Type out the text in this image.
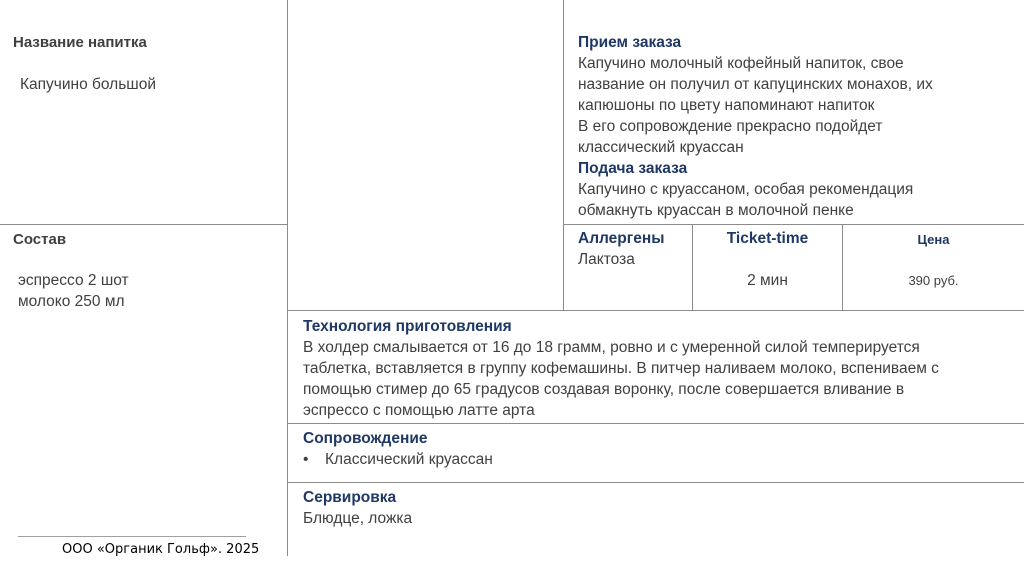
Название напитка
Капучино большой
Состав
эспрессо 2 шот
молоко 250 мл
Прием заказа
Капучино молочный кофейный напиток, свое
название он получил от капуцинских монахов, их
капюшоны по цвету напоминают напиток
В его сопровождение прекрасно подойдет
классический круассан
Подача заказа
Капучино с круассаном, особая рекомендация
обмакнуть круассан в молочной пенке
Аллергены
Лактоза
Ticket-time
2 мин
Цена
390 руб.
Технология приготовления
В холдер смалывается от 16 до 18 грамм, ровно и с умеренной силой темперируется
таблетка, вставляется в группу кофемашины. В питчер наливаем молоко, вспениваем с
помощью стимер до 65 градусов создавая воронку, после совершается вливание в
эспрессо с помощью латте арта
Сопровождение
• Классический круассан
Сервировка
Блюдце, ложка
ООО «Органик Гольф». 2025
